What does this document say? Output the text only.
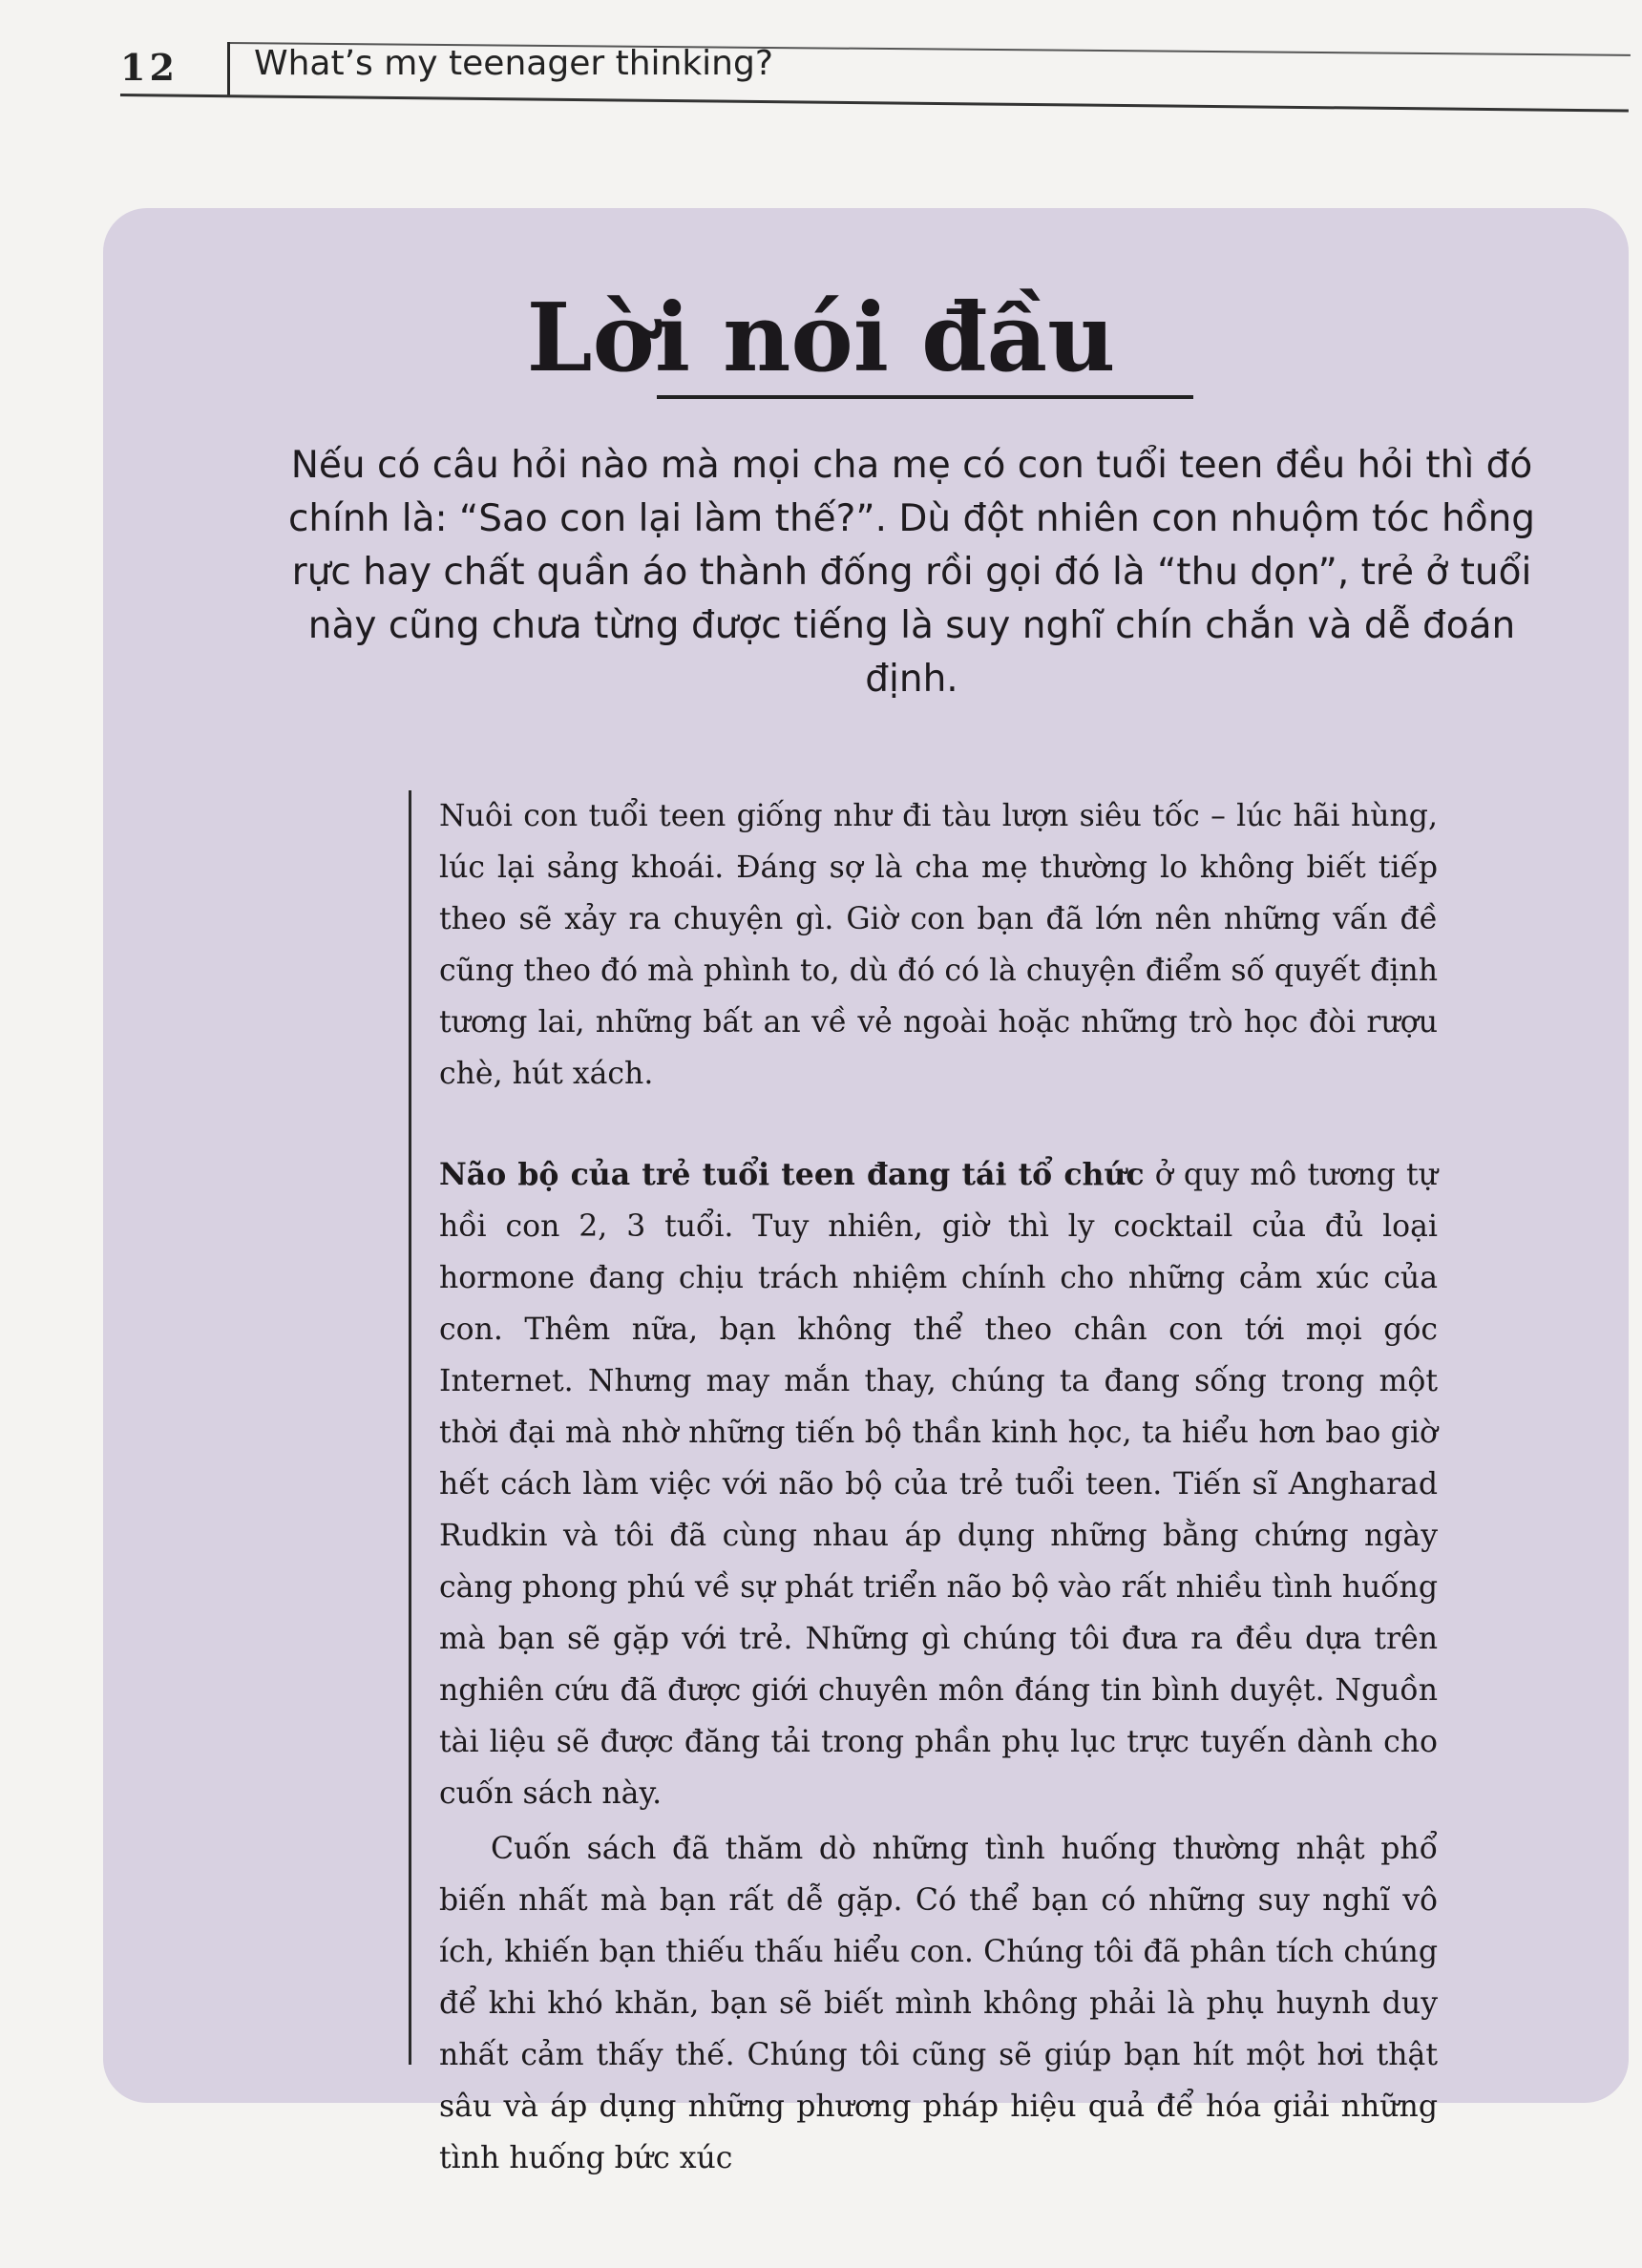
12 What’s my teenager thinking?
Lời nói đầu

Nếu có câu hỏi nào mà mọi cha mẹ có con tuổi teen đều hỏi thì đó chính là: “Sao con lại làm thế?”. Dù đột nhiên con nhuộm tóc hồng rực hay chất quần áo thành đống rồi gọi đó là “thu dọn”, trẻ ở tuổi này cũng chưa từng được tiếng là suy nghĩ chín chắn và dễ đoán định.

Nuôi con tuổi teen giống như đi tàu lượn siêu tốc – lúc hãi hùng, lúc lại sảng khoái. Đáng sợ là cha mẹ thường lo không biết tiếp theo sẽ xảy ra chuyện gì. Giờ con bạn đã lớn nên những vấn đề cũng theo đó mà phình to, dù đó có là chuyện điểm số quyết định tương lai, những bất an về vẻ ngoài hoặc những trò học đòi rượu chè, hút xách.

Não bộ của trẻ tuổi teen đang tái tổ chức ở quy mô tương tự hồi con 2, 3 tuổi. Tuy nhiên, giờ thì ly cocktail của đủ loại hormone đang chịu trách nhiệm chính cho những cảm xúc của con. Thêm nữa, bạn không thể theo chân con tới mọi góc Internet. Nhưng may mắn thay, chúng ta đang sống trong một thời đại mà nhờ những tiến bộ thần kinh học, ta hiểu hơn bao giờ hết cách làm việc với não bộ của trẻ tuổi teen. Tiến sĩ Angharad Rudkin và tôi đã cùng nhau áp dụng những bằng chứng ngày càng phong phú về sự phát triển não bộ vào rất nhiều tình huống mà bạn sẽ gặp với trẻ. Những gì chúng tôi đưa ra đều dựa trên nghiên cứu đã được giới chuyên môn đáng tin bình duyệt. Nguồn tài liệu sẽ được đăng tải trong phần phụ lục trực tuyến dành cho cuốn sách này.

Cuốn sách đã thăm dò những tình huống thường nhật phổ biến nhất mà bạn rất dễ gặp. Có thể bạn có những suy nghĩ vô ích, khiến bạn thiếu thấu hiểu con. Chúng tôi đã phân tích chúng để khi khó khăn, bạn sẽ biết mình không phải là phụ huynh duy nhất cảm thấy thế. Chúng tôi cũng sẽ giúp bạn hít một hơi thật sâu và áp dụng những phương pháp hiệu quả để hóa giải những tình huống bức xúc
